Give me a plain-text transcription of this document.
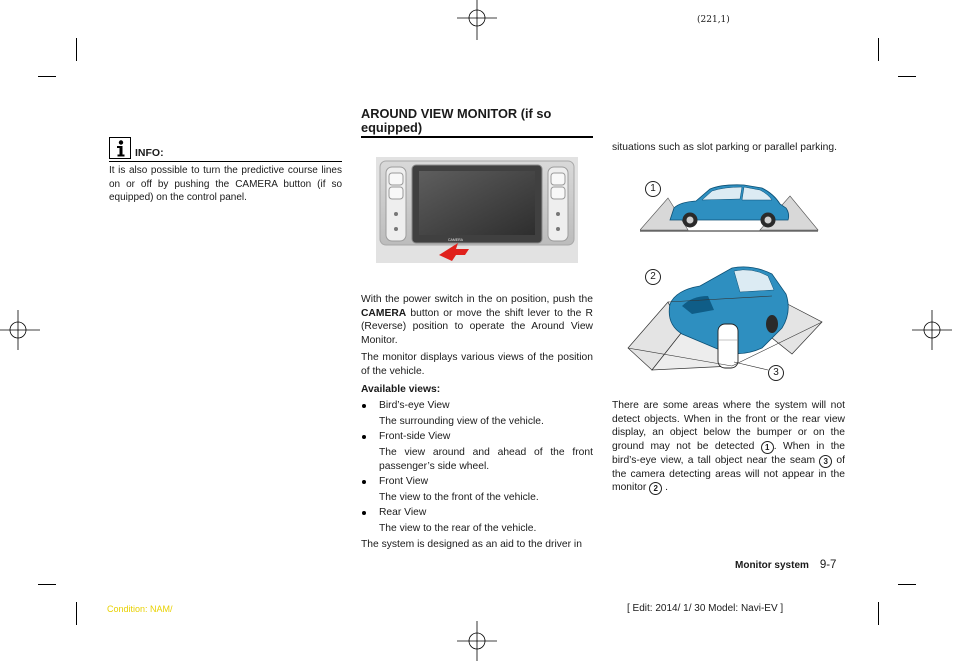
(221,1)
INFO:

It is also possible to turn the predictive course lines on or off by pushing the CAMERA button (if so equipped) on the control panel.

AROUND VIEW MONITOR (if so equipped)
CAMERA

With the power switch in the on position, push the CAMERA button or move the shift lever to the R (Reverse) position to operate the Around View Monitor.

The monitor displays various views of the position of the vehicle.

Available views:

Bird’s-eye View
The surrounding view of the vehicle.
Front-side View
The view around and ahead of the front passenger’s side wheel.
Front View
The view to the front of the vehicle.
Rear View
The view to the rear of the vehicle.

The system is designed as an aid to the driver in

situations such as slot parking or parallel parking.

1
2
3

There are some areas where the system will not detect objects. When in the front or the rear view display, an object below the bumper or on the ground may not be detected 1 . When in the bird’s-eye view, a tall object near the seam 3 of the camera detecting areas will not appear in the monitor 2 .

Monitor system 9-7
Condition: NAM/	[ Edit: 2014/ 1/ 30 Model: Navi-EV ]
